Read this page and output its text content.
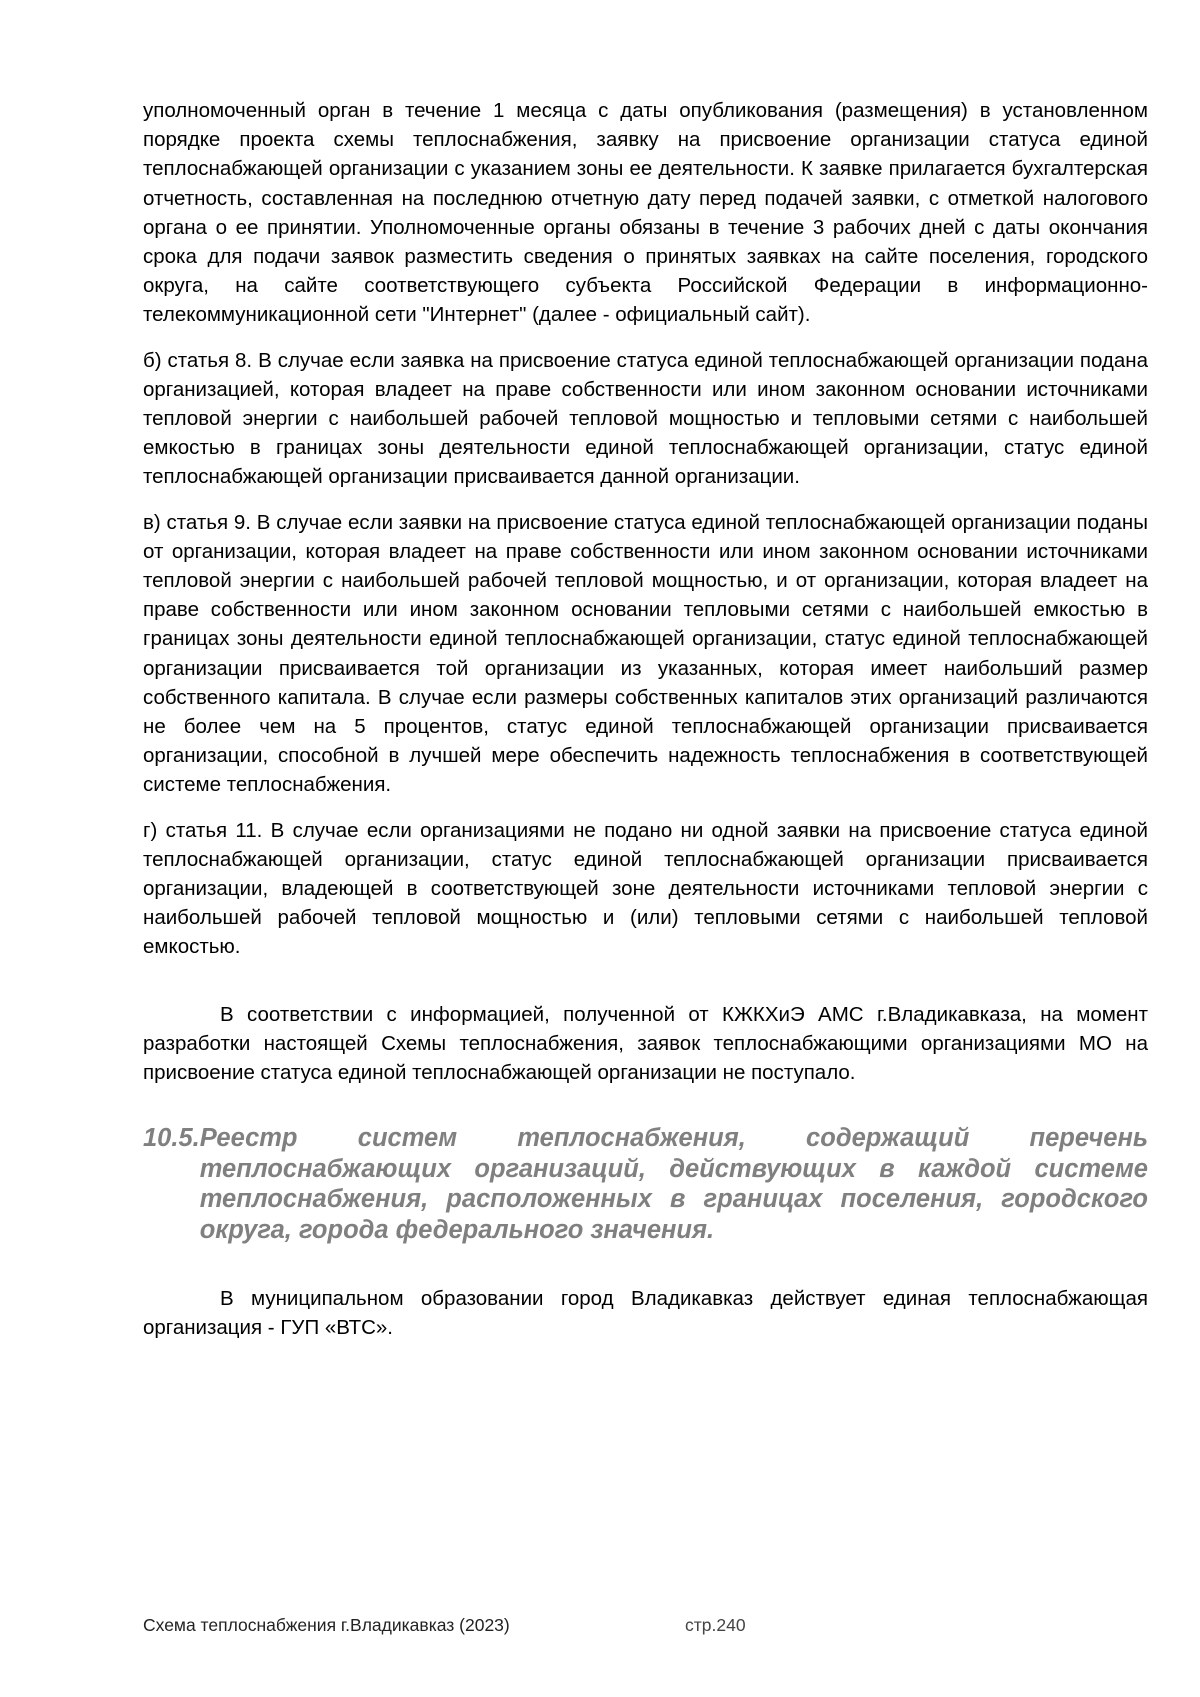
уполномоченный орган в течение 1 месяца с даты опубликования (размещения) в установленном порядке проекта схемы теплоснабжения, заявку на присвоение организации статуса единой теплоснабжающей организации с указанием зоны ее деятельности. К заявке прилагается бухгалтерская отчетность, составленная на последнюю отчетную дату перед подачей заявки, с отметкой налогового органа о ее принятии. Уполномоченные органы обязаны в течение 3 рабочих дней с даты окончания срока для подачи заявок разместить сведения о принятых заявках на сайте поселения, городского округа, на сайте соответствующего субъекта Российской Федерации в информационно-телекоммуникационной сети "Интернет" (далее - официальный сайт).

б) статья 8. В случае если заявка на присвоение статуса единой теплоснабжающей организации подана организацией, которая владеет на праве собственности или ином законном основании источниками тепловой энергии с наибольшей рабочей тепловой мощностью и тепловыми сетями с наибольшей емкостью в границах зоны деятельности единой теплоснабжающей организации, статус единой теплоснабжающей организации присваивается данной организации.

в) статья 9. В случае если заявки на присвоение статуса единой теплоснабжающей организации поданы от организации, которая владеет на праве собственности или ином законном основании источниками тепловой энергии с наибольшей рабочей тепловой мощностью, и от организации, которая владеет на праве собственности или ином законном основании тепловыми сетями с наибольшей емкостью в границах зоны деятельности единой теплоснабжающей организации, статус единой теплоснабжающей организации присваивается той организации из указанных, которая имеет наибольший размер собственного капитала. В случае если размеры собственных капиталов этих организаций различаются не более чем на 5 процентов, статус единой теплоснабжающей организации присваивается организации, способной в лучшей мере обеспечить надежность теплоснабжения в соответствующей системе теплоснабжения.

г) статья 11. В случае если организациями не подано ни одной заявки на присвоение статуса единой теплоснабжающей организации, статус единой теплоснабжающей организации присваивается организации, владеющей в соответствующей зоне деятельности источниками тепловой энергии с наибольшей рабочей тепловой мощностью и (или) тепловыми сетями с наибольшей тепловой емкостью.

В соответствии с информацией, полученной от КЖКХиЭ АМС г.Владикавказа, на момент разработки настоящей Схемы теплоснабжения, заявок теплоснабжающими организациями МО на присвоение статуса единой теплоснабжающей организации не поступало.

10.5. Реестр систем теплоснабжения, содержащий перечень теплоснабжающих организаций, действующих в каждой системе теплоснабжения, расположенных в границах поселения, городского округа, города федерального значения.

В муниципальном образовании город Владикавказ действует единая теплоснабжающая организация - ГУП «ВТС».

Схема теплоснабжения г.Владикавказ (2023)	стр.240
